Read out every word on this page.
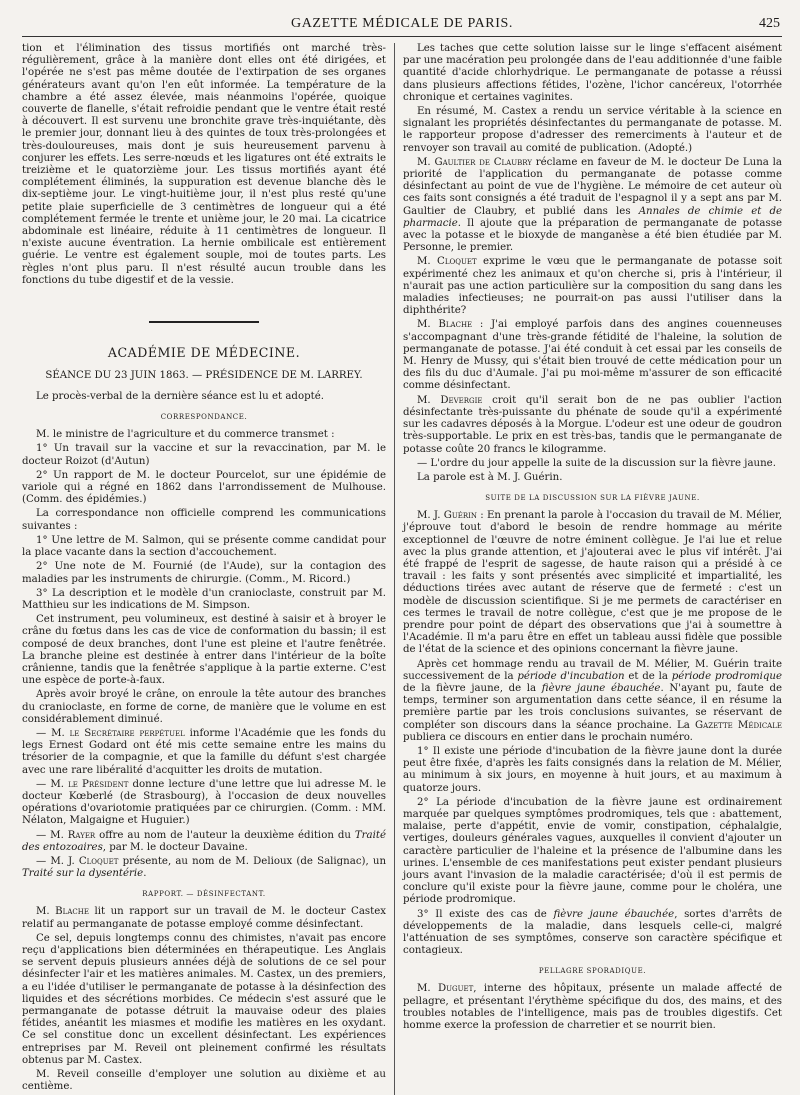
GAZETTE MÉDICALE DE PARIS.	425

tion et l'élimination des tissus mortifiés ont marché très-régulièrement, grâce à la manière dont elles ont été dirigées, et l'opérée ne s'est pas même doutée de l'extirpation de ses organes générateurs avant qu'on l'en eût informée. La température de la chambre a été assez élevée, mais néanmoins l'opérée, quoique couverte de flanelle, s'était refroidie pendant que le ventre était resté à découvert. Il est survenu une bronchite grave très-inquiétante, dès le premier jour, donnant lieu à des quintes de toux très-prolongées et très-douloureuses, mais dont je suis heureusement parvenu à conjurer les effets. Les serre-nœuds et les ligatures ont été extraits le treizième et le quatorzième jour. Les tissus mortifiés ayant été complétement éliminés, la suppuration est devenue blanche dès le dix-septième jour. Le vingt-huitième jour, il n'est plus resté qu'une petite plaie superficielle de 3 centimètres de longueur qui a été complétement fermée le trente et unième jour, le 20 mai. La cicatrice abdominale est linéaire, réduite à 11 centimètres de longueur. Il n'existe aucune éventration. La hernie ombilicale est entièrement guérie. Le ventre est également souple, moi de toutes parts. Les règles n'ont plus paru. Il n'est résulté aucun trouble dans les fonctions du tube digestif et de la vessie.

ACADÉMIE DE MÉDECINE.
SÉANCE DU 23 JUIN 1863. — PRÉSIDENCE DE M. LARREY.

Le procès-verbal de la dernière séance est lu et adopté.

CORRESPONDANCE.

M. le ministre de l'agriculture et du commerce transmet :

1° Un travail sur la vaccine et sur la revaccination, par M. le docteur Roizot (d'Autun)

2° Un rapport de M. le docteur Pourcelot, sur une épidémie de variole qui a régné en 1862 dans l'arrondissement de Mulhouse. (Comm. des épidémies.)

La correspondance non officielle comprend les communications suivantes :

1° Une lettre de M. Salmon, qui se présente comme candidat pour la place vacante dans la section d'accouchement.

2° Une note de M. Fournié (de l'Aude), sur la contagion des maladies par les instruments de chirurgie. (Comm., M. Ricord.)

3° La description et le modèle d'un cranioclaste, construit par M. Matthieu sur les indications de M. Simpson.

Cet instrument, peu volumineux, est destiné à saisir et à broyer le crâne du fœtus dans les cas de vice de conformation du bassin; il est composé de deux branches, dont l'une est pleine et l'autre fenêtrée. La branche pleine est destinée à entrer dans l'intérieur de la boîte crânienne, tandis que la fenêtrée s'applique à la partie externe. C'est une espèce de porte-à-faux.

Après avoir broyé le crâne, on enroule la tête autour des branches du cranioclaste, en forme de corne, de manière que le volume en est considérablement diminué.

— M. le Secrétaire perpétuel informe l'Académie que les fonds du legs Ernest Godard ont été mis cette semaine entre les mains du trésorier de la compagnie, et que la famille du défunt s'est chargée avec une rare libéralité d'acquitter les droits de mutation.

— M. le Président donne lecture d'une lettre que lui adresse M. le docteur Kœberlé (de Strasbourg), à l'occasion de deux nouvelles opérations d'ovariotomie pratiquées par ce chirurgien. (Comm. : MM. Nélaton, Malgaigne et Huguier.)

— M. Rayer offre au nom de l'auteur la deuxième édition du Traité des entozoaires, par M. le docteur Davaine.

— M. J. Cloquet présente, au nom de M. Delioux (de Salignac), un Traité sur la dysentérie.

RAPPORT. — DÉSINFECTANT.

M. Blache lit un rapport sur un travail de M. le docteur Castex relatif au permanganate de potasse employé comme désinfectant.

Ce sel, depuis longtemps connu des chimistes, n'avait pas encore reçu d'applications bien déterminées en thérapeutique. Les Anglais se servent depuis plusieurs années déjà de solutions de ce sel pour désinfecter l'air et les matières animales. M. Castex, un des premiers, a eu l'idée d'utiliser le permanganate de potasse à la désinfection des liquides et des sécrétions morbides. Ce médecin s'est assuré que le permanganate de potasse détruit la mauvaise odeur des plaies fétides, anéantit les miasmes et modifie les matières en les oxydant. Ce sel constitue donc un excellent désinfectant. Les expériences entreprises par M. Reveil ont pleinement confirmé les résultats obtenus par M. Castex.

M. Reveil conseille d'employer une solution au dixième et au centième.

Les taches que cette solution laisse sur le linge s'effacent aisément par une macération peu prolongée dans de l'eau additionnée d'une faible quantité d'acide chlorhydrique. Le permanganate de potasse a réussi dans plusieurs affections fétides, l'ozène, l'ichor cancéreux, l'otorrhée chronique et certaines vaginites.

En résumé, M. Castex a rendu un service véritable à la science en signalant les propriétés désinfectantes du permanganate de potasse. M. le rapporteur propose d'adresser des remerciments à l'auteur et de renvoyer son travail au comité de publication. (Adopté.)

M. Gaultier de Claubry réclame en faveur de M. le docteur De Luna la priorité de l'application du permanganate de potasse comme désinfectant au point de vue de l'hygiène. Le mémoire de cet auteur où ces faits sont consignés a été traduit de l'espagnol il y a sept ans par M. Gaultier de Claubry, et publié dans les Annales de chimie et de pharmacie. Il ajoute que la préparation de permanganate de potasse avec la potasse et le bioxyde de manganèse a été bien étudiée par M. Personne, le premier.

M. Cloquet exprime le vœu que le permanganate de potasse soit expérimenté chez les animaux et qu'on cherche si, pris à l'intérieur, il n'aurait pas une action particulière sur la composition du sang dans les maladies infectieuses; ne pourrait-on pas aussi l'utiliser dans la diphthérite?

M. Blache : J'ai employé parfois dans des angines couenneuses s'accompagnant d'une très-grande fétidité de l'haleine, la solution de permanganate de potasse. J'ai été conduit à cet essai par les conseils de M. Henry de Mussy, qui s'était bien trouvé de cette médication pour un des fils du duc d'Aumale. J'ai pu moi-même m'assurer de son efficacité comme désinfectant.

M. Devergie croit qu'il serait bon de ne pas oublier l'action désinfectante très-puissante du phénate de soude qu'il a expérimenté sur les cadavres déposés à la Morgue. L'odeur est une odeur de goudron très-supportable. Le prix en est très-bas, tandis que le permanganate de potasse coûte 20 francs le kilogramme.

— L'ordre du jour appelle la suite de la discussion sur la fièvre jaune.

La parole est à M. J. Guérin.

SUITE DE LA DISCUSSION SUR LA FIÈVRE JAUNE.

M. J. Guérin : En prenant la parole à l'occasion du travail de M. Mélier, j'éprouve tout d'abord le besoin de rendre hommage au mérite exceptionnel de l'œuvre de notre éminent collègue. Je l'ai lue et relue avec la plus grande attention, et j'ajouterai avec le plus vif intérêt. J'ai été frappé de l'esprit de sagesse, de haute raison qui a présidé à ce travail : les faits y sont présentés avec simplicité et impartialité, les déductions tirées avec autant de réserve que de fermeté : c'est un modèle de discussion scientifique. Si je me permets de caractériser en ces termes le travail de notre collègue, c'est que je me propose de le prendre pour point de départ des observations que j'ai à soumettre à l'Académie. Il m'a paru être en effet un tableau aussi fidèle que possible de l'état de la science et des opinions concernant la fièvre jaune.

Après cet hommage rendu au travail de M. Mélier, M. Guérin traite successivement de la période d'incubation et de la période prodromique de la fièvre jaune, de la fièvre jaune ébauchée. N'ayant pu, faute de temps, terminer son argumentation dans cette séance, il en résume la première partie par les trois conclusions suivantes, se réservant de compléter son discours dans la séance prochaine. La Gazette Médicale publiera ce discours en entier dans le prochain numéro.

1° Il existe une période d'incubation de la fièvre jaune dont la durée peut être fixée, d'après les faits consignés dans la relation de M. Mélier, au minimum à six jours, en moyenne à huit jours, et au maximum à quatorze jours.

2° La période d'incubation de la fièvre jaune est ordinairement marquée par quelques symptômes prodromiques, tels que : abattement, malaise, perte d'appétit, envie de vomir, constipation, céphalalgie, vertiges, douleurs générales vagues, auxquelles il convient d'ajouter un caractère particulier de l'haleine et la présence de l'albumine dans les urines. L'ensemble de ces manifestations peut exister pendant plusieurs jours avant l'invasion de la maladie caractérisée; d'où il est permis de conclure qu'il existe pour la fièvre jaune, comme pour le choléra, une période prodromique.

3° Il existe des cas de fièvre jaune ébauchée, sortes d'arrêts de développements de la maladie, dans lesquels celle-ci, malgré l'atténuation de ses symptômes, conserve son caractère spécifique et contagieux.

PELLAGRE SPORADIQUE.

M. Duguet, interne des hôpitaux, présente un malade affecté de pellagre, et présentant l'érythème spécifique du dos, des mains, et des troubles notables de l'intelligence, mais pas de troubles digestifs. Cet homme exerce la profession de charretier et se nourrit bien.
